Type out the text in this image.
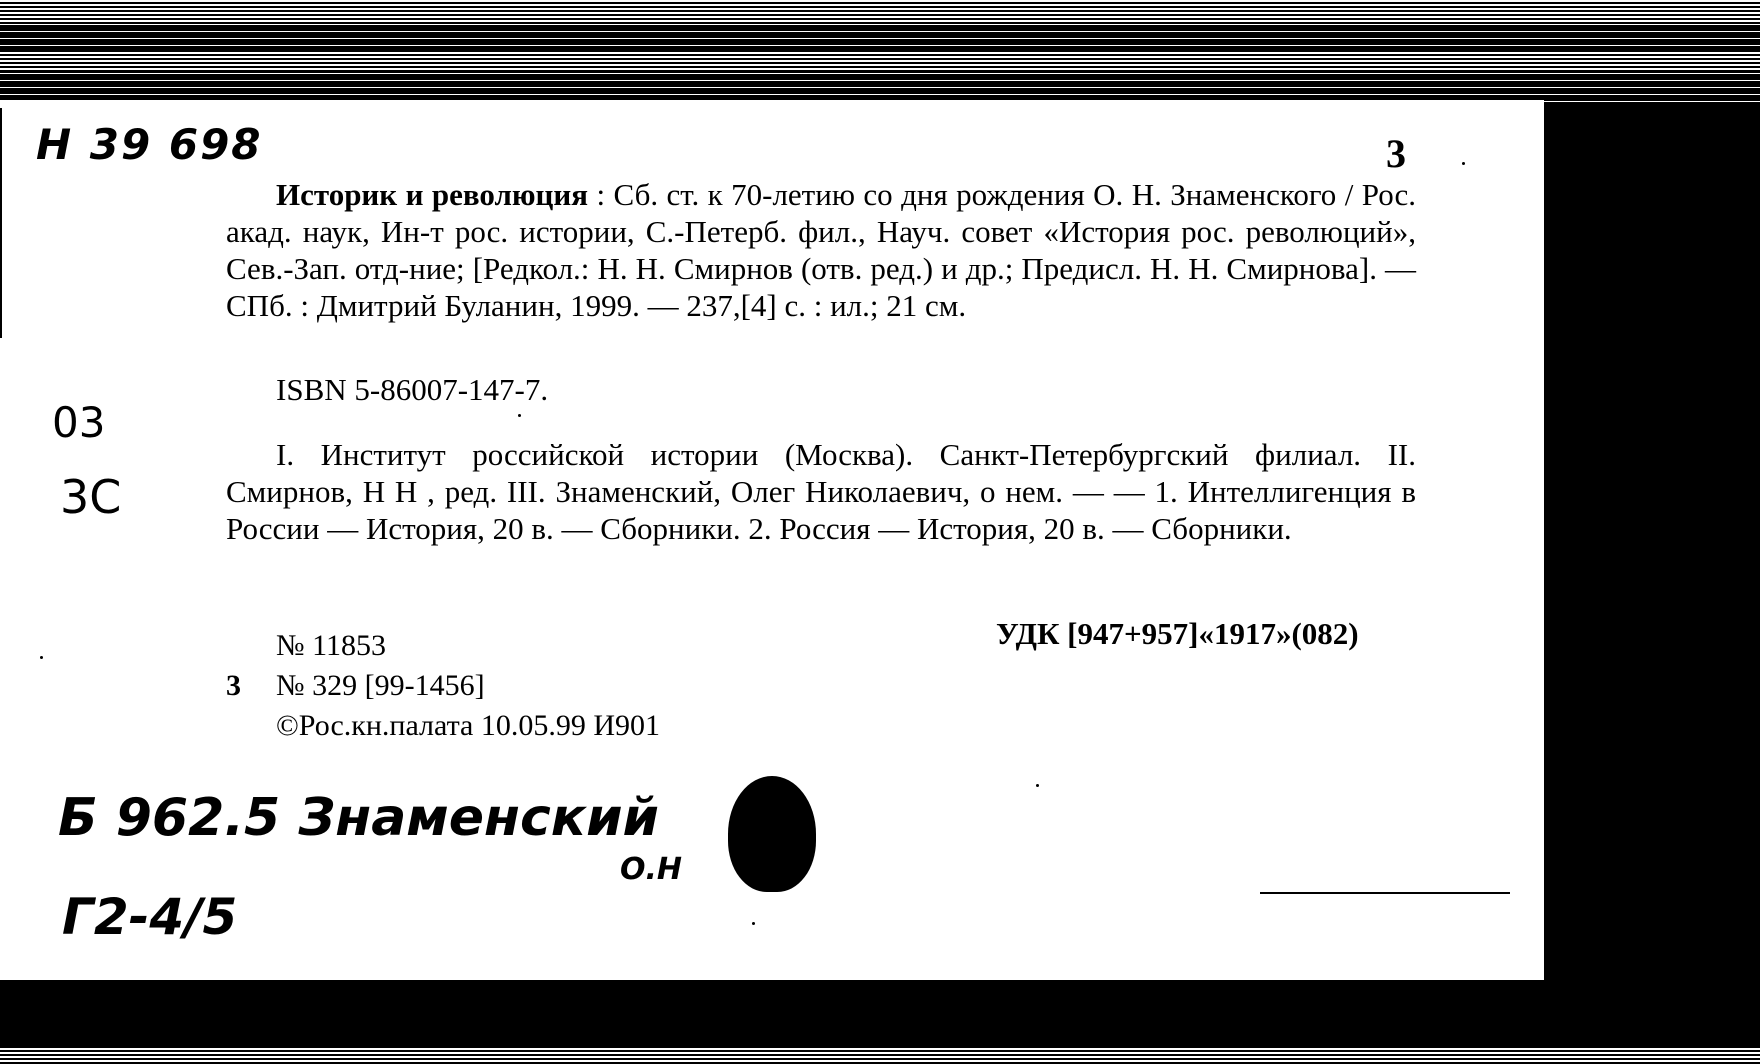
Н 39 698
03
3С
3

Историк и революция : Сб. ст. к 70-летию со дня рождения О. Н. Знаменского / Рос. акад. наук, Ин-т рос. истории, С.-Петерб. фил., Науч. совет «История рос. революций», Сев.-Зап. отд-ние; [Редкол.: Н. Н. Смирнов (отв. ред.) и др.; Предисл. Н. Н. Смирнова]. — СПб. : Дмитрий Буланин, 1999. — 237,[4] с. : ил.; 21 см.

ISBN 5-86007-147-7.

I. Институт российской истории (Москва). Санкт-Петербургский филиал. II. Смирнов, Н Н , ред. III. Знаменский, Олег Николаевич, о нем. — — 1. Интеллигенция в России — История, 20 в. — Сборники. 2. Россия — История, 20 в. — Сборники.

УДК [947+957]«1917»(082)
№ 11853
3 № 329 [99-1456]
©Рос.кн.палата 10.05.99 И901
Б 962.5 Знаменский
О.Н
Г2-4/5
